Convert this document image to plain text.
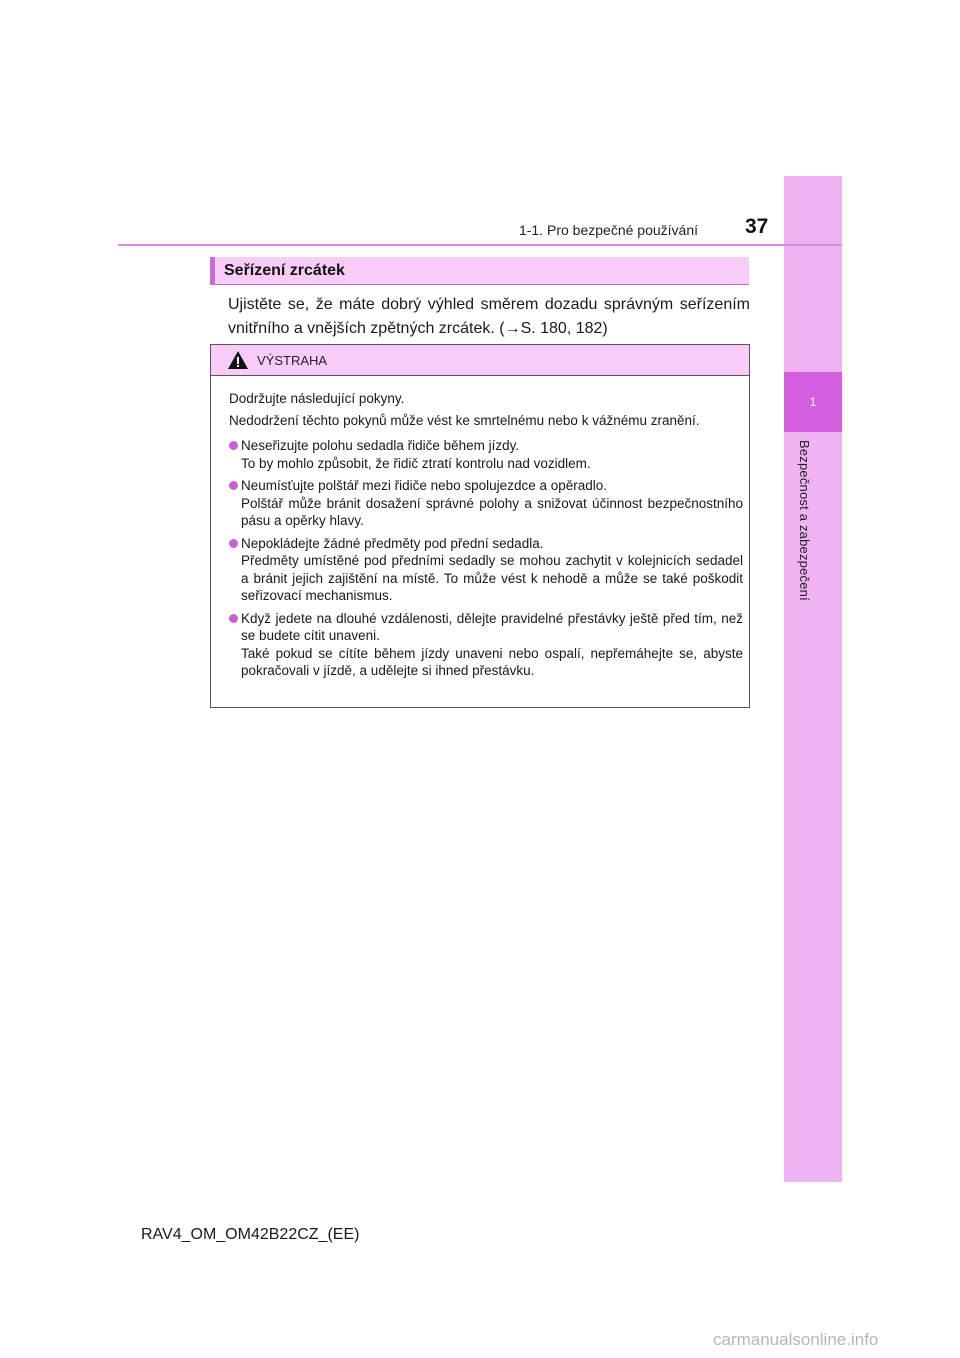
1
Bezpečnost a zabezpečení
1-1. Pro bezpečné používání 37
Seřízení zrcátek
Ujistěte se, že máte dobrý výhled směrem dozadu správným seřízením vnitřního a vnějších zpětných zrcátek. (→S. 180, 182)
VÝSTRAHA

Dodržujte následující pokyny.

Nedodržení těchto pokynů může vést ke smrtelnému nebo k vážnému zranění.

Neseřizujte polohu sedadla řidiče během jízdy.
To by mohlo způsobit, že řidič ztratí kontrolu nad vozidlem.
Neumísťujte polštář mezi řidiče nebo spolujezdce a opěradlo.
Polštář může bránit dosažení správné polohy a snižovat účinnost bezpečnostního pásu a opěrky hlavy.
Nepokládejte žádné předměty pod přední sedadla.
Předměty umístěné pod předními sedadly se mohou zachytit v kolejnicích sedadel a bránit jejich zajištění na místě. To může vést k nehodě a může se také poškodit seřizovací mechanismus.
Když jedete na dlouhé vzdálenosti, dělejte pravidelné přestávky ještě před tím, než se budete cítit unaveni.
Také pokud se cítíte během jízdy unaveni nebo ospalí, nepřemáhejte se, abyste pokračovali v jízdě, a udělejte si ihned přestávku.
RAV4_OM_OM42B22CZ_(EE)
carmanualsonline.info
